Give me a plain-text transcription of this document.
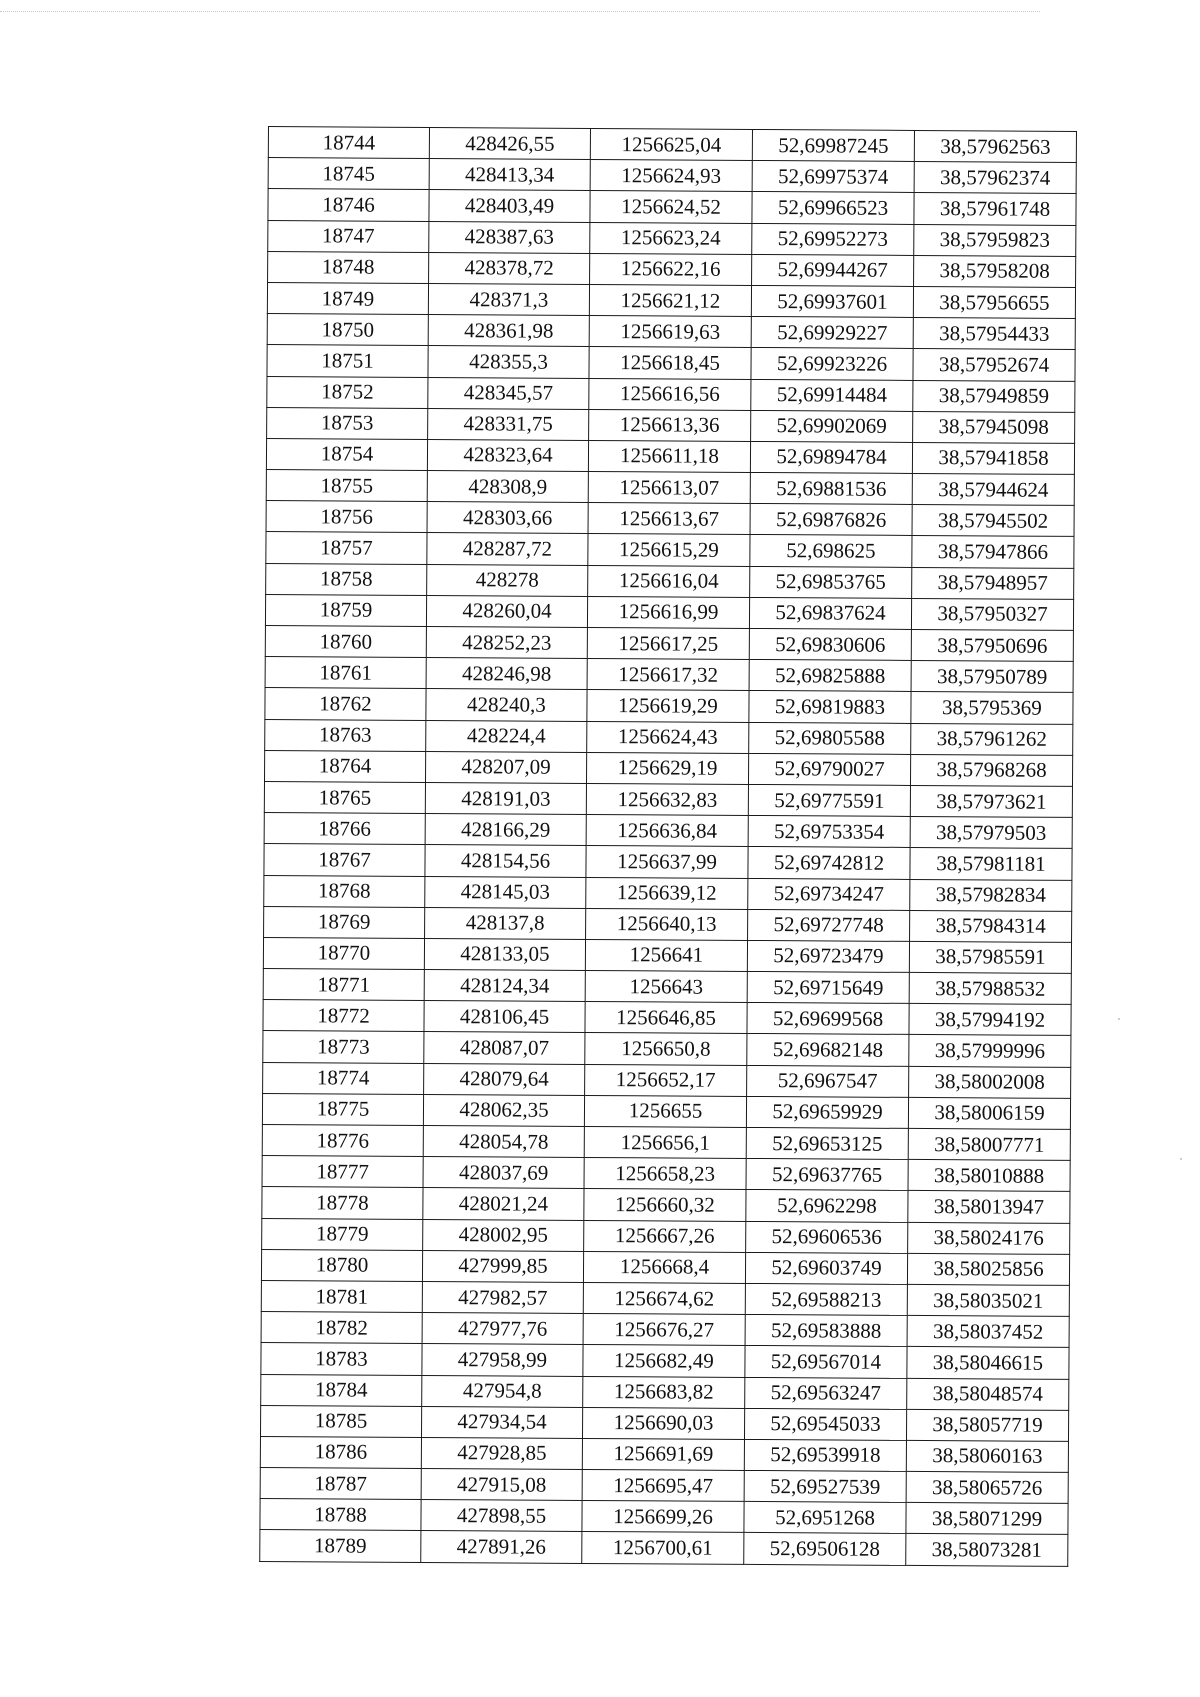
18744	428426,55	1256625,04	52,69987245	38,57962563
18745	428413,34	1256624,93	52,69975374	38,57962374
18746	428403,49	1256624,52	52,69966523	38,57961748
18747	428387,63	1256623,24	52,69952273	38,57959823
18748	428378,72	1256622,16	52,69944267	38,57958208
18749	428371,3	1256621,12	52,69937601	38,57956655
18750	428361,98	1256619,63	52,69929227	38,57954433
18751	428355,3	1256618,45	52,69923226	38,57952674
18752	428345,57	1256616,56	52,69914484	38,57949859
18753	428331,75	1256613,36	52,69902069	38,57945098
18754	428323,64	1256611,18	52,69894784	38,57941858
18755	428308,9	1256613,07	52,69881536	38,57944624
18756	428303,66	1256613,67	52,69876826	38,57945502
18757	428287,72	1256615,29	52,698625	38,57947866
18758	428278	1256616,04	52,69853765	38,57948957
18759	428260,04	1256616,99	52,69837624	38,57950327
18760	428252,23	1256617,25	52,69830606	38,57950696
18761	428246,98	1256617,32	52,69825888	38,57950789
18762	428240,3	1256619,29	52,69819883	38,5795369
18763	428224,4	1256624,43	52,69805588	38,57961262
18764	428207,09	1256629,19	52,69790027	38,57968268
18765	428191,03	1256632,83	52,69775591	38,57973621
18766	428166,29	1256636,84	52,69753354	38,57979503
18767	428154,56	1256637,99	52,69742812	38,57981181
18768	428145,03	1256639,12	52,69734247	38,57982834
18769	428137,8	1256640,13	52,69727748	38,57984314
18770	428133,05	1256641	52,69723479	38,57985591
18771	428124,34	1256643	52,69715649	38,57988532
18772	428106,45	1256646,85	52,69699568	38,57994192
18773	428087,07	1256650,8	52,69682148	38,57999996
18774	428079,64	1256652,17	52,6967547	38,58002008
18775	428062,35	1256655	52,69659929	38,58006159
18776	428054,78	1256656,1	52,69653125	38,58007771
18777	428037,69	1256658,23	52,69637765	38,58010888
18778	428021,24	1256660,32	52,6962298	38,58013947
18779	428002,95	1256667,26	52,69606536	38,58024176
18780	427999,85	1256668,4	52,69603749	38,58025856
18781	427982,57	1256674,62	52,69588213	38,58035021
18782	427977,76	1256676,27	52,69583888	38,58037452
18783	427958,99	1256682,49	52,69567014	38,58046615
18784	427954,8	1256683,82	52,69563247	38,58048574
18785	427934,54	1256690,03	52,69545033	38,58057719
18786	427928,85	1256691,69	52,69539918	38,58060163
18787	427915,08	1256695,47	52,69527539	38,58065726
18788	427898,55	1256699,26	52,6951268	38,58071299
18789	427891,26	1256700,61	52,69506128	38,58073281
